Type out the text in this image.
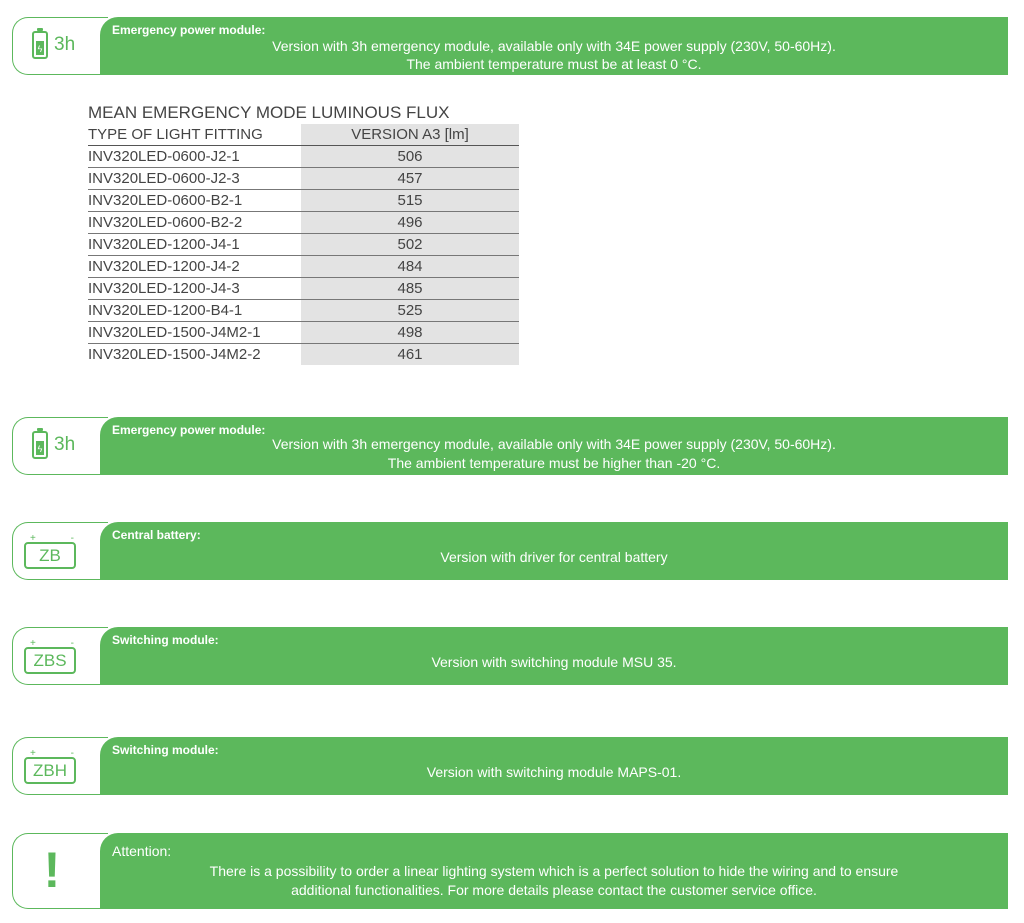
ϟ 3h
Emergency power module:
Version with 3h emergency module, available only with 34E power supply (230V, 50-60Hz).
The ambient temperature must be at least 0 °C.
MEAN EMERGENCY MODE LUMINOUS FLUX
TYPE OF LIGHT FITTING	VERSION A3 [lm]
INV320LED-0600-J2-1	506
INV320LED-0600-J2-3	457
INV320LED-0600-B2-1	515
INV320LED-0600-B2-2	496
INV320LED-1200-J4-1	502
INV320LED-1200-J4-2	484
INV320LED-1200-J4-3	485
INV320LED-1200-B4-1	525
INV320LED-1500-J4M2-1	498
INV320LED-1500-J4M2-2	461
ϟ 3h
Emergency power module:
Version with 3h emergency module, available only with 34E power supply (230V, 50-60Hz).
The ambient temperature must be higher than -20 °C.
+	-
ZB
Central battery:
Version with driver for central battery
+	-
ZBS
Switching module:
Version with switching module MSU 35.
+	-
ZBH
Switching module:
Version with switching module MAPS-01.
!	Attention:
There is a possibility to order a linear lighting system which is a perfect solution to hide the wiring and to ensure
additional functionalities. For more details please contact the customer service office.
